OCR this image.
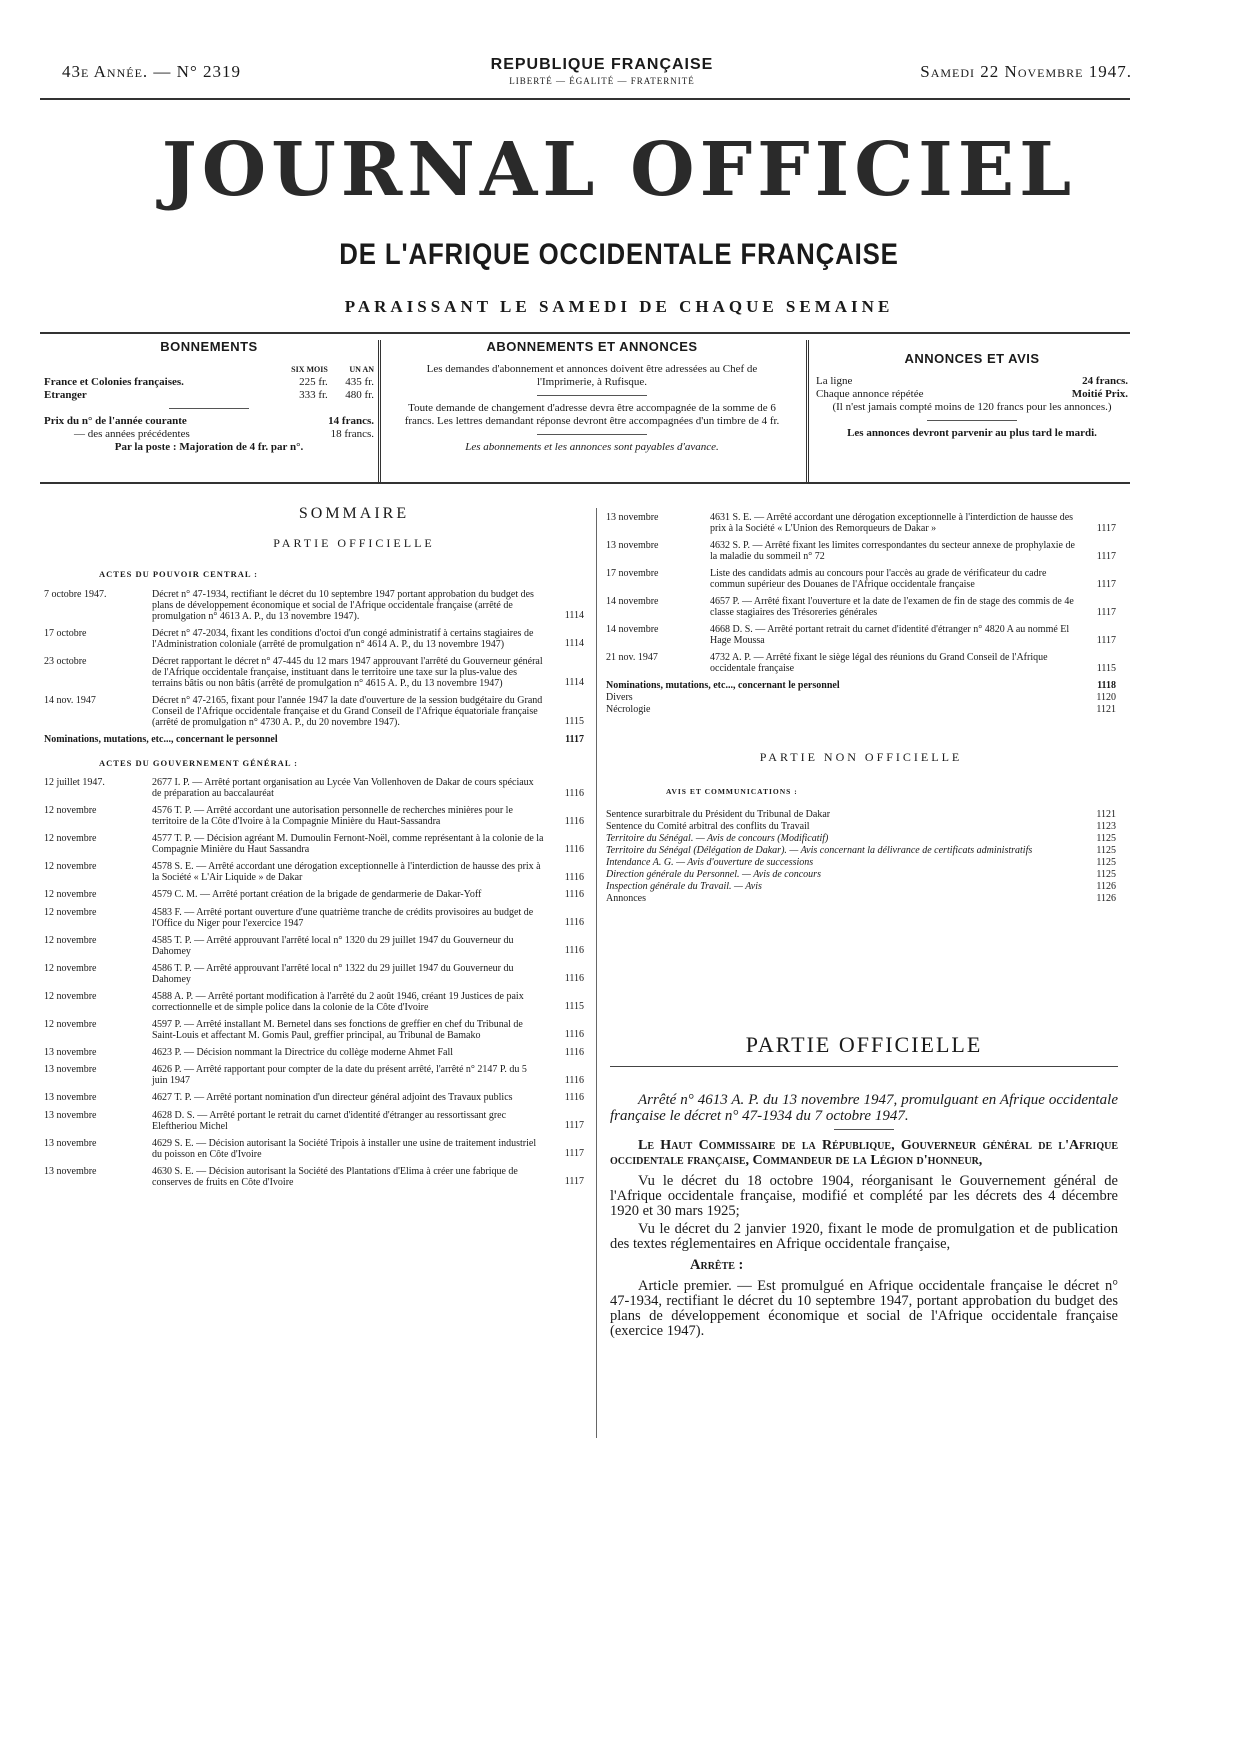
43e Année. — N° 2319	REPUBLIQUE FRANÇAISE
LIBERTÉ — ÉGALITÉ — FRATERNITÉ	Samedi 22 Novembre 1947.
JOURNAL OFFICIEL
DE L'AFRIQUE OCCIDENTALE FRANÇAISE
PARAISSANT LE SAMEDI DE CHAQUE SEMAINE
BONNEMENTS
	SIX MOIS	UN AN
France et Colonies françaises.	225 fr.	435 fr.
Etranger	333 fr.	480 fr.
Prix du n° de l'année courante	14 francs.
— des années précédentes	18 francs.
Par la poste : Majoration de 4 fr. par n°.
ABONNEMENTS ET ANNONCES
Les demandes d'abonnement et annonces doivent être adressées au Chef de l'Imprimerie, à Rufisque.
Toute demande de changement d'adresse devra être accompagnée de la somme de 6 francs. Les lettres demandant réponse devront être accompagnées d'un timbre de 4 fr.
Les abonnements et les annonces sont payables d'avance.
ANNONCES ET AVIS
La ligne	24 francs.
Chaque annonce répétée	Moitié Prix.
(Il n'est jamais compté moins de 120 francs pour les annonces.)
Les annonces devront parvenir au plus tard le mardi.
SOMMAIRE
PARTIE OFFICIELLE
ACTES DU POUVOIR CENTRAL :
7 octobre 1947.	Décret n° 47-1934, rectifiant le décret du 10 septembre 1947 portant approbation du budget des plans de développement économique et social de l'Afrique occidentale française (arrêté de promulgation n° 4613 A. P., du 13 novembre 1947).	1114
17 octobre	Décret n° 47-2034, fixant les conditions d'octoi d'un congé administratif à certains stagiaires de l'Administration coloniale (arrêté de promulgation n° 4614 A. P., du 13 novembre 1947)	1114
23 octobre	Décret rapportant le décret n° 47-445 du 12 mars 1947 approuvant l'arrêté du Gouverneur général de l'Afrique occidentale française, instituant dans le territoire une taxe sur la plus-value des terrains bâtis ou non bâtis (arrêté de promulgation n° 4615 A. P., du 13 novembre 1947)	1114
14 nov. 1947	Décret n° 47-2165, fixant pour l'année 1947 la date d'ouverture de la session budgétaire du Grand Conseil de l'Afrique occidentale française et du Grand Conseil de l'Afrique équatoriale française (arrêté de promulgation n° 4730 A. P., du 20 novembre 1947).	1115
Nominations, mutations, etc..., concernant le personnel	1117
ACTES DU GOUVERNEMENT GÉNÉRAL :
12 juillet 1947.	2677 I. P. — Arrêté portant organisation au Lycée Van Vollenhoven de Dakar de cours spéciaux de préparation au baccalauréat	1116
12 novembre	4576 T. P. — Arrêté accordant une autorisation personnelle de recherches minières pour le territoire de la Côte d'Ivoire à la Compagnie Minière du Haut-Sassandra	1116
12 novembre	4577 T. P. — Décision agréant M. Dumoulin Fernont-Noël, comme représentant à la colonie de la Compagnie Minière du Haut Sassandra	1116
12 novembre	4578 S. E. — Arrêté accordant une dérogation exceptionnelle à l'interdiction de hausse des prix à la Société « L'Air Liquide » de Dakar	1116
12 novembre	4579 C. M. — Arrêté portant création de la brigade de gendarmerie de Dakar-Yoff	1116
12 novembre	4583 F. — Arrêté portant ouverture d'une quatrième tranche de crédits provisoires au budget de l'Office du Niger pour l'exercice 1947	1116
12 novembre	4585 T. P. — Arrêté approuvant l'arrêté local n° 1320 du 29 juillet 1947 du Gouverneur du Dahomey	1116
12 novembre	4586 T. P. — Arrêté approuvant l'arrêté local n° 1322 du 29 juillet 1947 du Gouverneur du Dahomey	1116
12 novembre	4588 A. P. — Arrêté portant modification à l'arrêté du 2 août 1946, créant 19 Justices de paix correctionnelle et de simple police dans la colonie de la Côte d'Ivoire	1115
12 novembre	4597 P. — Arrêté installant M. Bernetel dans ses fonctions de greffier en chef du Tribunal de Saint-Louis et affectant M. Gomis Paul, greffier principal, au Tribunal de Bamako	1116
13 novembre	4623 P. — Décision nommant la Directrice du collège moderne Ahmet Fall	1116
13 novembre	4626 P. — Arrêté rapportant pour compter de la date du présent arrêté, l'arrêté n° 2147 P. du 5 juin 1947	1116
13 novembre	4627 T. P. — Arrêté portant nomination d'un directeur général adjoint des Travaux publics	1116
13 novembre	4628 D. S. — Arrêté portant le retrait du carnet d'identité d'étranger au ressortissant grec Eleftheriou Michel	1117
13 novembre	4629 S. E. — Décision autorisant la Société Tripois à installer une usine de traitement industriel du poisson en Côte d'Ivoire	1117
13 novembre	4630 S. E. — Décision autorisant la Société des Plantations d'Elima à créer une fabrique de conserves de fruits en Côte d'Ivoire	1117
13 novembre	4631 S. E. — Arrêté accordant une dérogation exceptionnelle à l'interdiction de hausse des prix à la Société « L'Union des Remorqueurs de Dakar »	1117
13 novembre	4632 S. P. — Arrêté fixant les limites correspondantes du secteur annexe de prophylaxie de la maladie du sommeil n° 72	1117
17 novembre	Liste des candidats admis au concours pour l'accès au grade de vérificateur du cadre commun supérieur des Douanes de l'Afrique occidentale française	1117
14 novembre	4657 P. — Arrêté fixant l'ouverture et la date de l'examen de fin de stage des commis de 4e classe stagiaires des Trésoreries générales	1117
14 novembre	4668 D. S. — Arrêté portant retrait du carnet d'identité d'étranger n° 4820 A au nommé El Hage Moussa	1117
21 nov. 1947	4732 A. P. — Arrêté fixant le siège légal des réunions du Grand Conseil de l'Afrique occidentale française	1115
Nominations, mutations, etc..., concernant le personnel	1118
Divers	1120
Nécrologie	1121
PARTIE NON OFFICIELLE
AVIS ET COMMUNICATIONS :
Sentence surarbitrale du Président du Tribunal de Dakar	1121
Sentence du Comité arbitral des conflits du Travail	1123
Territoire du Sénégal. — Avis de concours (Modificatif)	1125
Territoire du Sénégal (Délégation de Dakar). — Avis concernant la délivrance de certificats administratifs	1125
Intendance A. G. — Avis d'ouverture de successions	1125
Direction générale du Personnel. — Avis de concours	1125
Inspection générale du Travail. — Avis	1126
Annonces	1126
PARTIE OFFICIELLE

Arrêté n° 4613 A. P. du 13 novembre 1947, promulguant en Afrique occidentale française le décret n° 47-1934 du 7 octobre 1947.

Le Haut Commissaire de la République, Gouverneur général de l'Afrique occidentale française, Commandeur de la Légion d'honneur,

Vu le décret du 18 octobre 1904, réorganisant le Gouvernement général de l'Afrique occidentale française, modifié et complété par les décrets des 4 décembre 1920 et 30 mars 1925;

Vu le décret du 2 janvier 1920, fixant le mode de promulgation et de publication des textes réglementaires en Afrique occidentale française,

Arrête :

Article premier. — Est promulgué en Afrique occidentale française le décret n° 47-1934, rectifiant le décret du 10 septembre 1947, portant approbation du budget des plans de développement économique et social de l'Afrique occidentale française (exercice 1947).
